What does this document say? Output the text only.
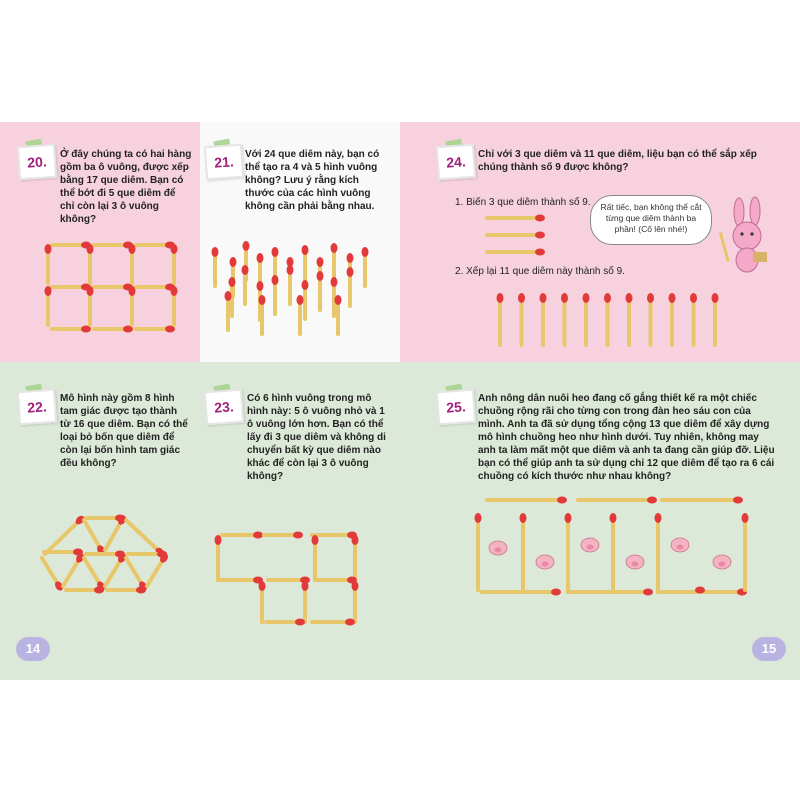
20.	Ở đây chúng ta có hai hàng gồm ba ô vuông, được xếp bằng 17 que diêm. Bạn có thể bớt đi 5 que diêm để chỉ còn lại 3 ô vuông không?
21.	Với 24 que diêm này, bạn có thể tạo ra 4 và 5 hình vuông không? Lưu ý rằng kích thước của các hình vuông không cần phải bằng nhau.
24.	Chỉ với 3 que diêm và 11 que diêm, liệu bạn có thể sắp xếp chúng thành số 9 được không?
1. Biến 3 que diêm thành số 9.
2. Xếp lại 11 que diêm này thành số 9.
Rất tiếc, bạn không thể cắt từng que diêm thành ba phần! (Cố lên nhé!)
22.	Mô hình này gồm 8 hình tam giác được tạo thành từ 16 que diêm. Bạn có thể loại bỏ bốn que diêm để còn lại bốn hình tam giác đều không?
23.	Có 6 hình vuông trong mô hình này: 5 ô vuông nhỏ và 1 ô vuông lớn hơn. Bạn có thể lấy đi 3 que diêm và không di chuyển bất kỳ que diêm nào khác để còn lại 3 ô vuông không?
25.	Anh nông dân nuôi heo đang cố gắng thiết kế ra một chiếc chuồng rộng rãi cho từng con trong đàn heo sáu con của mình. Anh ta đã sử dụng tổng cộng 13 que diêm để xây dựng mô hình chuồng heo như hình dưới. Tuy nhiên, không may anh ta làm mất một que diêm và anh ta đang cần giúp đỡ. Liệu bạn có thể giúp anh ta sử dụng chỉ 12 que diêm để tạo ra 6 cái chuồng có kích thước như nhau không?
14	15
